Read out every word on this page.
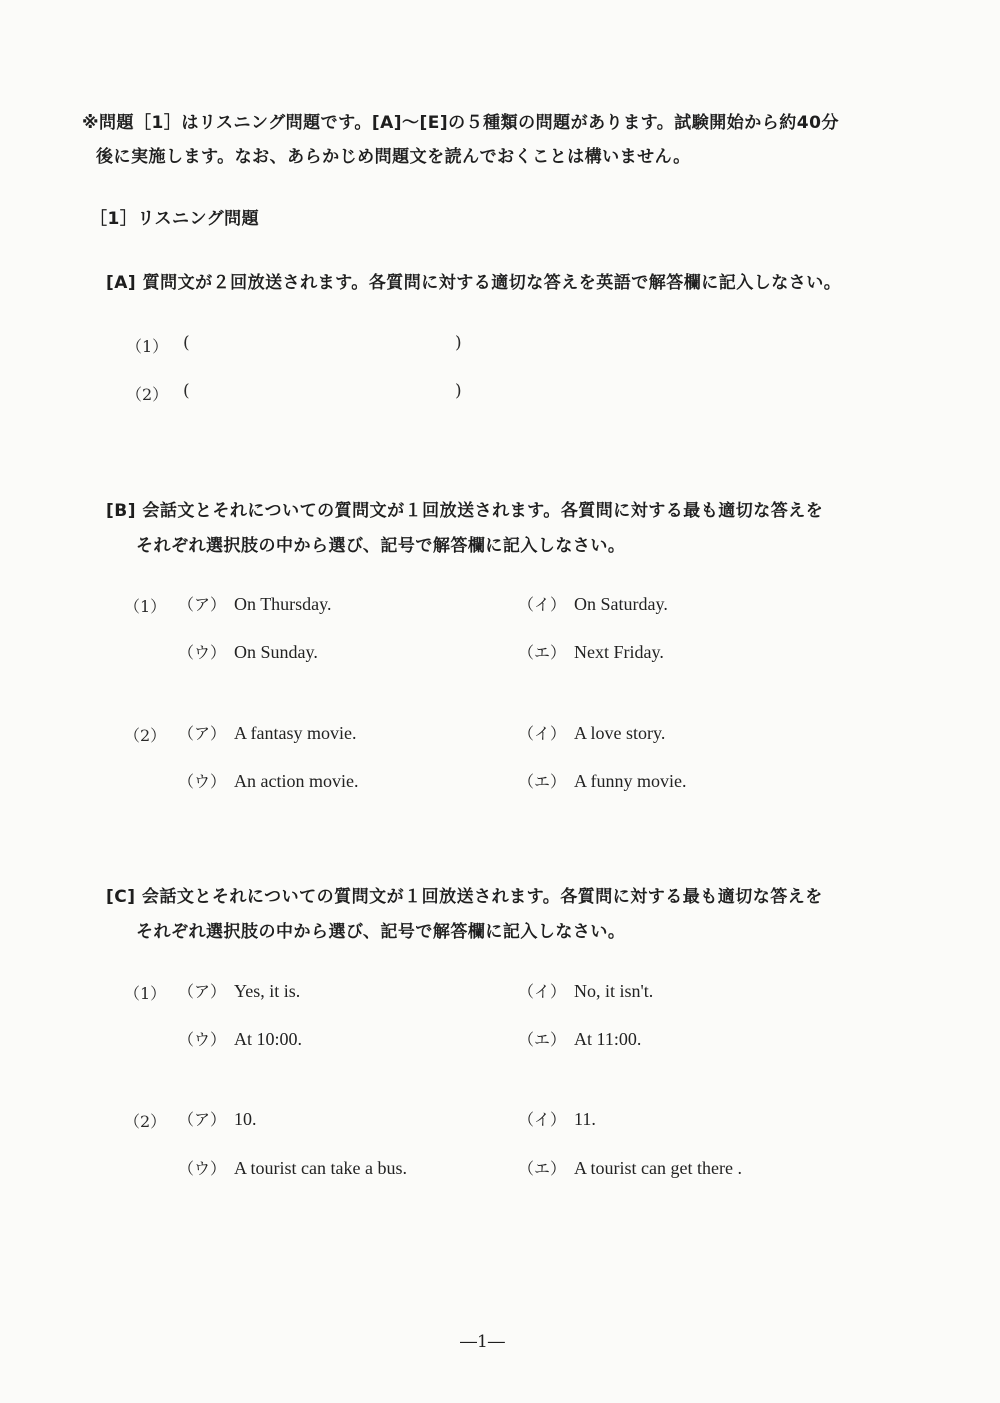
※問題［1］はリスニング問題です。[A]～[E]の５種類の問題があります。試験開始から約40分
後に実施します。なお、あらかじめ問題文を読んでおくことは構いません。
［1］リスニング問題
[A] 質問文が２回放送されます。各質問に対する適切な答えを英語で解答欄に記入しなさい。
（1） (	)
（2） (	)
[B] 会話文とそれについての質問文が１回放送されます。各質問に対する最も適切な答えを
それぞれ選択肢の中から選び、記号で解答欄に記入しなさい。
（1） （ア） On Thursday.	（イ） On Saturday.
（ウ） On Sunday.	（エ） Next Friday.
（2） （ア） A fantasy movie.	（イ） A love story.
（ウ） An action movie.	（エ） A funny movie.
[C] 会話文とそれについての質問文が１回放送されます。各質問に対する最も適切な答えを
それぞれ選択肢の中から選び、記号で解答欄に記入しなさい。
（1） （ア） Yes, it is.	（イ） No, it isn't.
（ウ） At 10:00.	（エ） At 11:00.
（2） （ア） 10.	（イ） 11.
（ウ） A tourist can take a bus.	（エ） A tourist can get there .
―1―
